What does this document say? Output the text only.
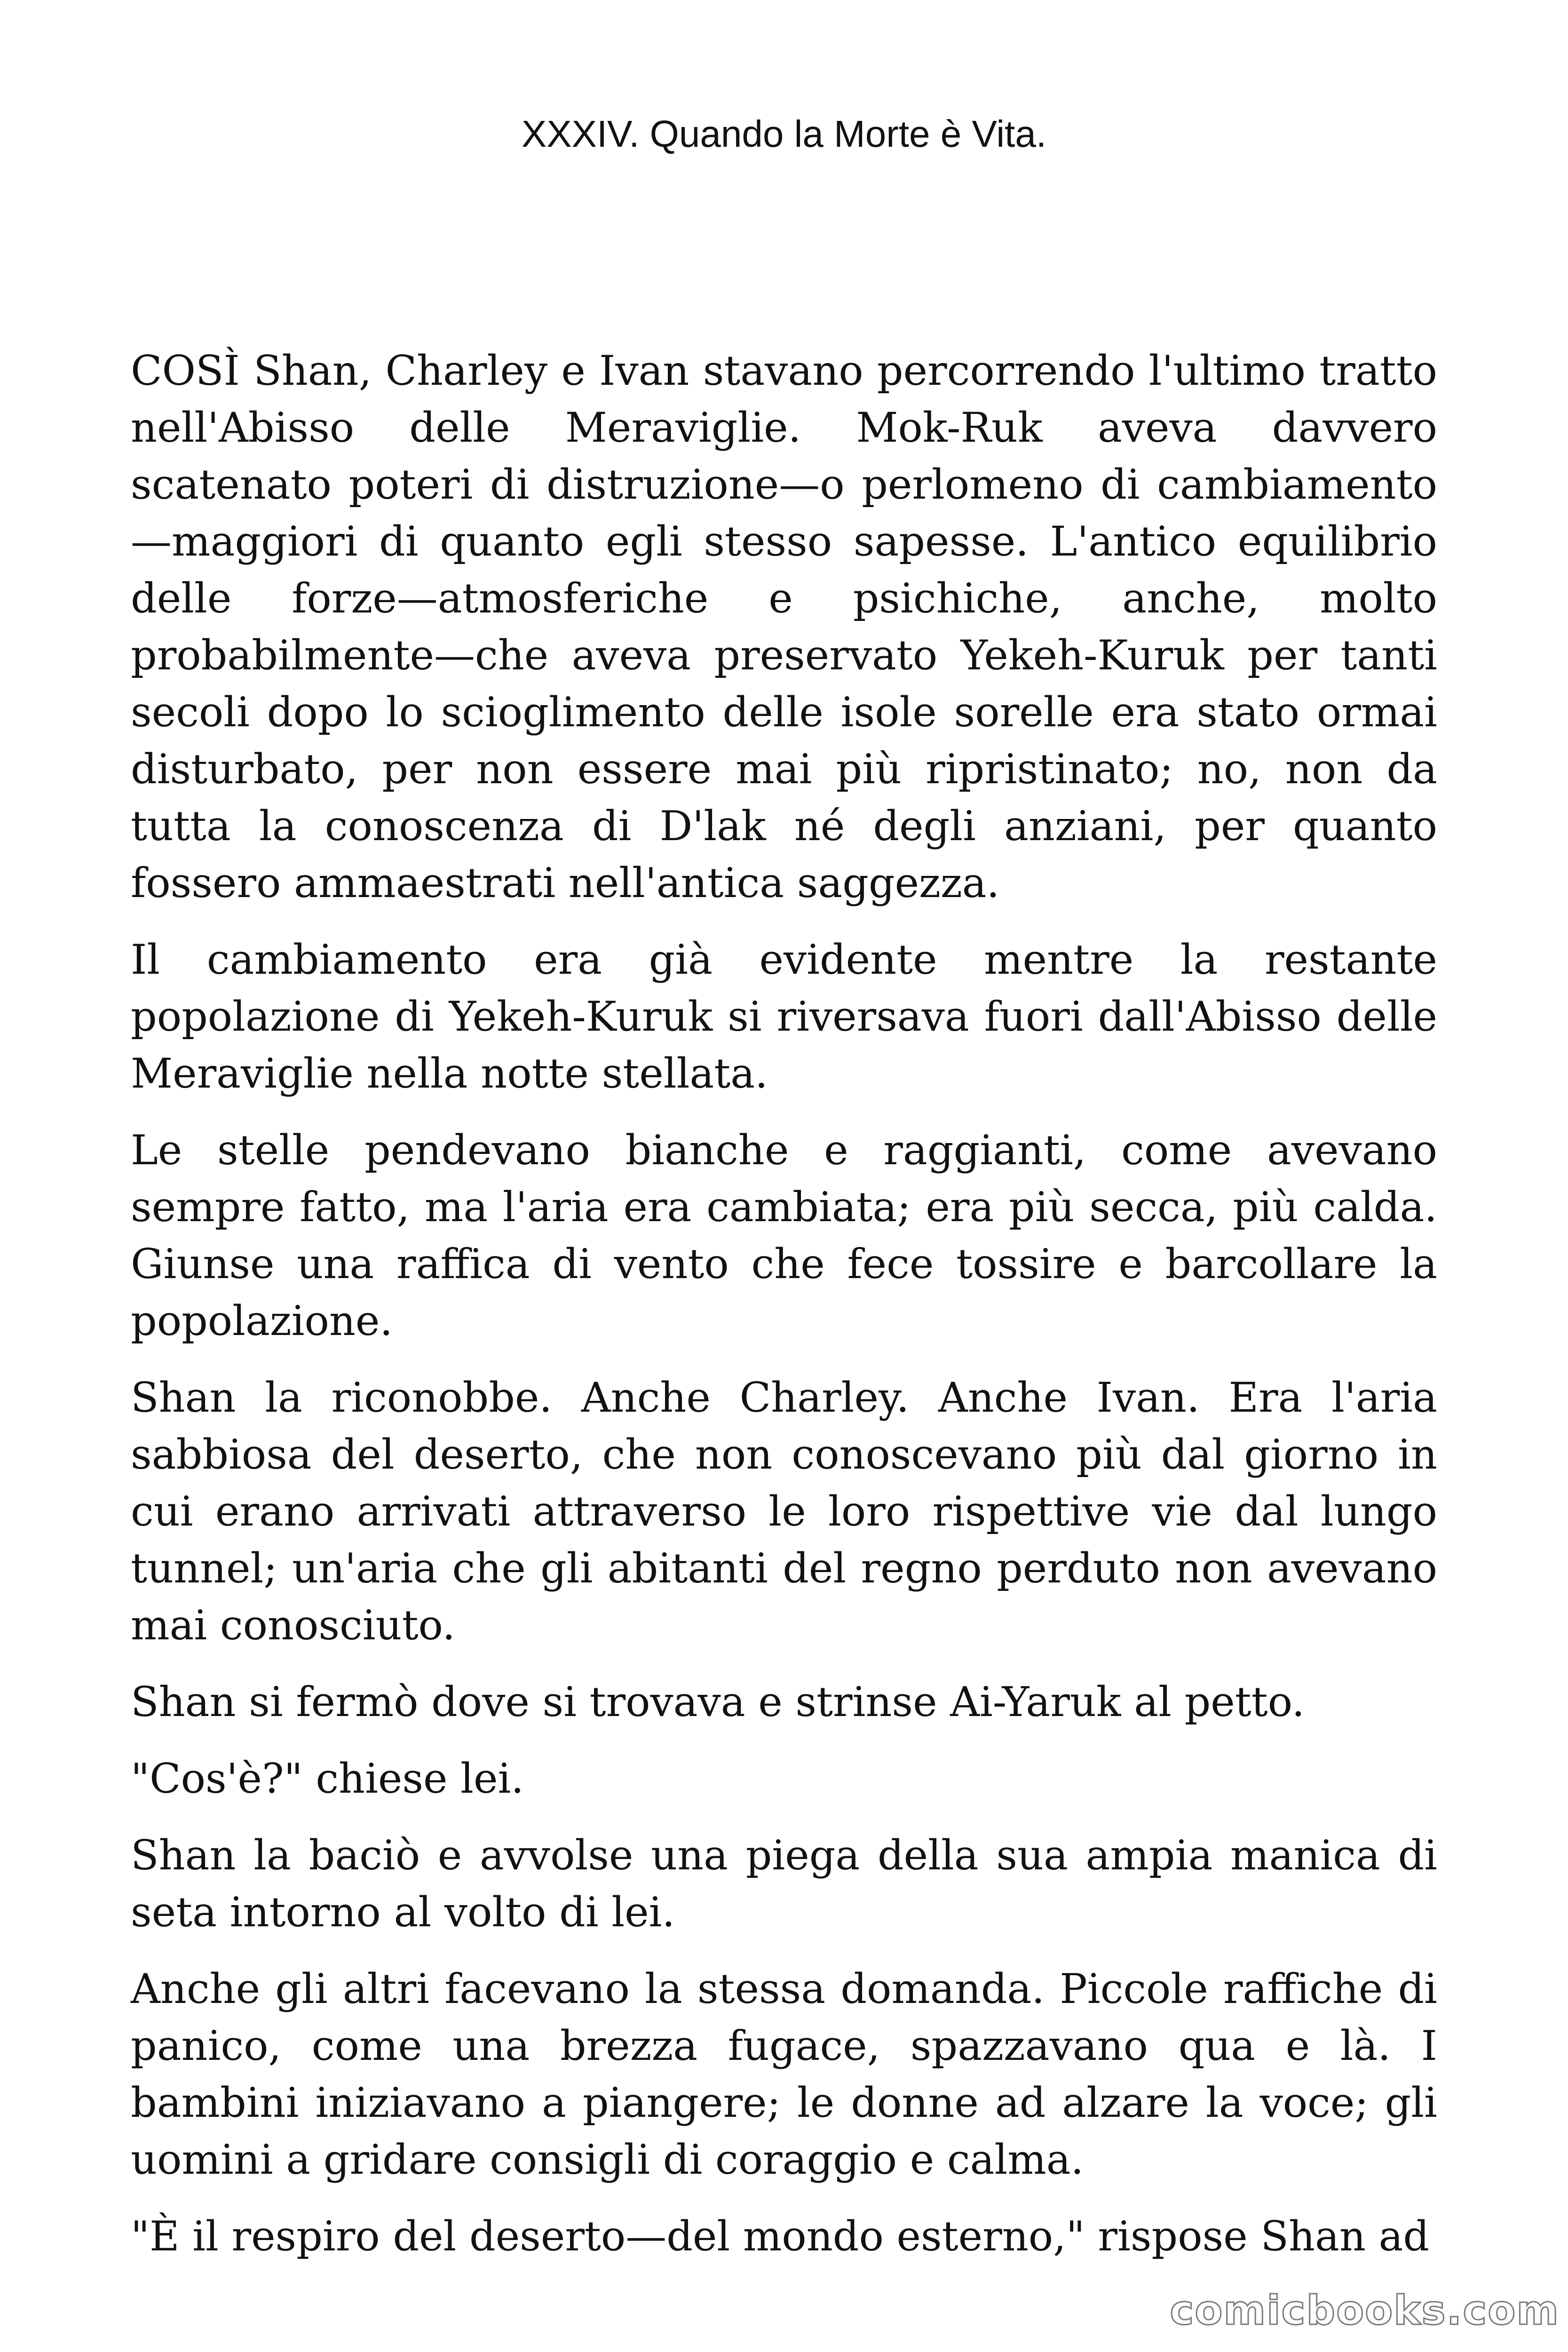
XXXIV. Quando la Morte è Vita.

COSÌ Shan, Charley e Ivan stavano percorrendo l'ultimo tratto nell'Abisso delle Meraviglie. Mok-Ruk aveva davvero scatenato poteri di distruzione—o perlomeno di cambiamento—maggiori di quanto egli stesso sapesse. L'antico equilibrio delle forze—atmosferiche e psichiche, anche, molto probabilmente—che aveva preservato Yekeh-Kuruk per tanti secoli dopo lo scioglimento delle isole sorelle era stato ormai disturbato, per non essere mai più ripristinato; no, non da tutta la conoscenza di D'lak né degli anziani, per quanto fossero ammaestrati nell'antica saggezza.

Il cambiamento era già evidente mentre la restante popolazione di Yekeh-Kuruk si riversava fuori dall'Abisso delle Meraviglie nella notte stellata.

Le stelle pendevano bianche e raggianti, come avevano sempre fatto, ma l'aria era cambiata; era più secca, più calda. Giunse una raffica di vento che fece tossire e barcollare la popolazione.

Shan la riconobbe. Anche Charley. Anche Ivan. Era l'aria sabbiosa del deserto, che non conoscevano più dal giorno in cui erano arrivati attraverso le loro rispettive vie dal lungo tunnel; un'aria che gli abitanti del regno perduto non avevano mai conosciuto.

Shan si fermò dove si trovava e strinse Ai-Yaruk al petto.

"Cos'è?" chiese lei.

Shan la baciò e avvolse una piega della sua ampia manica di seta intorno al volto di lei.

Anche gli altri facevano la stessa domanda. Piccole raffiche di panico, come una brezza fugace, spazzavano qua e là. I bambini iniziavano a piangere; le donne ad alzare la voce; gli uomini a gridare consigli di coraggio e calma.

"È il respiro del deserto—del mondo esterno," rispose Shan ad

comicbooks.com
